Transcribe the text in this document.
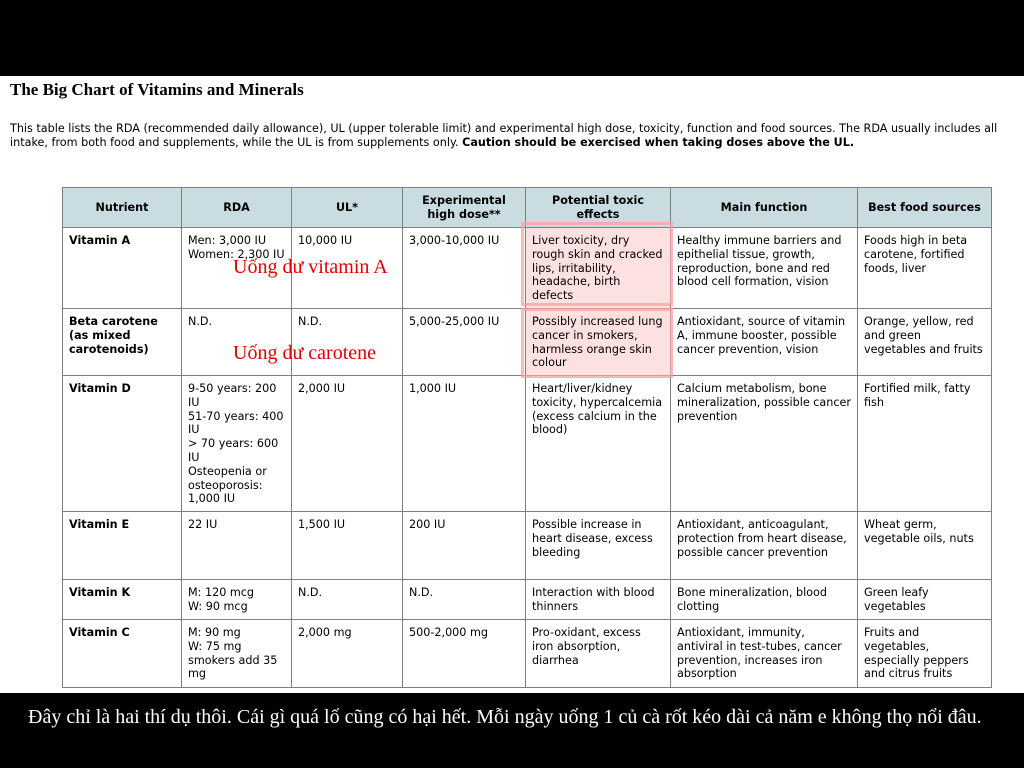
The Big Chart of Vitamins and Minerals

This table lists the RDA (recommended daily allowance), UL (upper tolerable limit) and experimental high dose, toxicity, function and food sources. The RDA usually includes all intake, from both food and supplements, while the UL is from supplements only. Caution should be exercised when taking doses above the UL.

Nutrient	RDA	UL*	Experimental high dose**	Potential toxic effects	Main function	Best food sources
Vitamin A	Men: 3,000 IU Women: 2,300 IU	10,000 IU	3,000-10,000 IU	Liver toxicity, dry rough skin and cracked lips, irritability, headache, birth defects	Healthy immune barriers and epithelial tissue, growth, reproduction, bone and red blood cell formation, vision	Foods high in beta carotene, fortified foods, liver
Beta carotene (as mixed carotenoids)	N.D.	N.D.	5,000-25,000 IU	Possibly increased lung cancer in smokers, harmless orange skin colour	Antioxidant, source of vitamin A, immune booster, possible cancer prevention, vision	Orange, yellow, red and green vegetables and fruits
Vitamin D	9-50 years: 200 IU
51-70 years: 400 IU
> 70 years: 600 IU
Osteopenia or osteoporosis: 1,000 IU	2,000 IU	1,000 IU	Heart/liver/kidney toxicity, hypercalcemia (excess calcium in the blood)	Calcium metabolism, bone mineralization, possible cancer prevention	Fortified milk, fatty fish
Vitamin E	22 IU	1,500 IU	200 IU	Possible increase in heart disease, excess bleeding	Antioxidant, anticoagulant, protection from heart disease, possible cancer prevention	Wheat germ, vegetable oils, nuts
Vitamin K	M: 120 mcg
W: 90 mcg	N.D.	N.D.	Interaction with blood thinners	Bone mineralization, blood clotting	Green leafy vegetables
Vitamin C	M: 90 mg
W: 75 mg
smokers add 35 mg	2,000 mg	500-2,000 mg	Pro-oxidant, excess iron absorption, diarrhea	Antioxidant, immunity, antiviral in test-tubes, cancer prevention, increases iron absorption	Fruits and vegetables, especially peppers and citrus fruits
Uống dư vitamin A
Uống dư carotene

Đây chỉ là hai thí dụ thôi. Cái gì quá lố cũng có hại hết. Mỗi ngày uống 1 củ cà rốt kéo dài cả năm e không thọ nổi đâu.
